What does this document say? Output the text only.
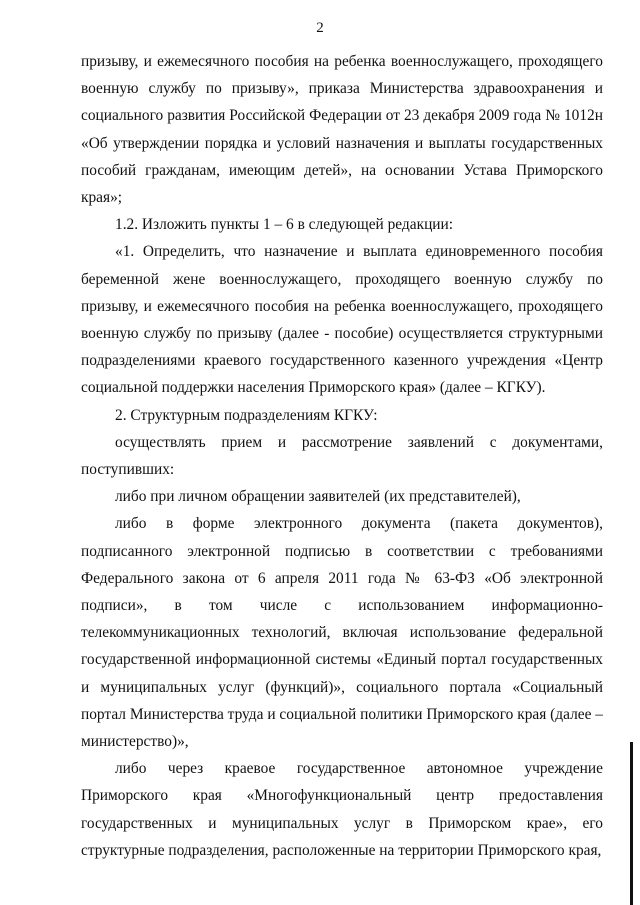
2

призыву, и ежемесячного пособия на ребенка военнослужащего, проходящего военную службу по призыву», приказа Министерства здравоохранения и социального развития Российской Федерации от 23 декабря 2009 года № 1012н «Об утверждении порядка и условий назначения и выплаты государственных пособий гражданам, имеющим детей», на основании Устава Приморского края»;

1.2. Изложить пункты 1 – 6 в следующей редакции:

«1. Определить, что назначение и выплата единовременного пособия беременной жене военнослужащего, проходящего военную службу по призыву, и ежемесячного пособия на ребенка военнослужащего, проходящего военную службу по призыву (далее - пособие) осуществляется структурными подразделениями краевого государственного казенного учреждения «Центр социальной поддержки населения Приморского края» (далее – КГКУ).

2. Структурным подразделениям КГКУ:

осуществлять прием и рассмотрение заявлений с документами, поступивших:

либо при личном обращении заявителей (их представителей),

либо в форме электронного документа (пакета документов), подписанного электронной подписью в соответствии с требованиями Федерального закона от 6 апреля 2011 года № 63-ФЗ «Об электронной подписи», в том числе с использованием информационно-телекоммуникационных технологий, включая использование федеральной государственной информационной системы «Единый портал государственных и муниципальных услуг (функций)», социального портала «Социальный портал Министерства труда и социальной политики Приморского края (далее – министерство)»,

либо через краевое государственное автономное учреждение Приморского края «Многофункциональный центр предоставления государственных и муниципальных услуг в Приморском крае», его структурные подразделения, расположенные на территории Приморского края,
